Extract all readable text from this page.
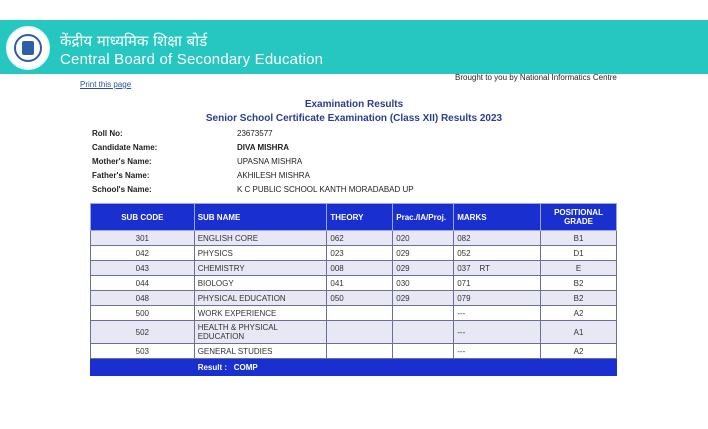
केंद्रीय माध्यमिक शिक्षा बोर्ड
Central Board of Secondary Education
http://cbseresults.nic.in
Brought to you by National Informatics Centre
Print this page
Examination Results
Senior School Certificate Examination (Class XII) Results 2023
Roll No:	23673577
Candidate Name:	DIVA MISHRA
Mother's Name:	UPASNA MISHRA
Father's Name:	AKHILESH MISHRA
School's Name:	K C PUBLIC SCHOOL KANTH MORADABAD UP
SUB CODE	SUB NAME	THEORY	Prac./IA/Proj.	MARKS	POSITIONAL GRADE
301	ENGLISH CORE	062	020	082	B1
042	PHYSICS	023	029	052	D1
043	CHEMISTRY	008	029	037    RT	E
044	BIOLOGY	041	030	071	B2
048	PHYSICAL EDUCATION	050	029	079	B2
500	WORK EXPERIENCE			---	A2
502	HEALTH & PHYSICAL EDUCATION			---	A1
503	GENERAL STUDIES			---	A2
	Result :   COMP				
